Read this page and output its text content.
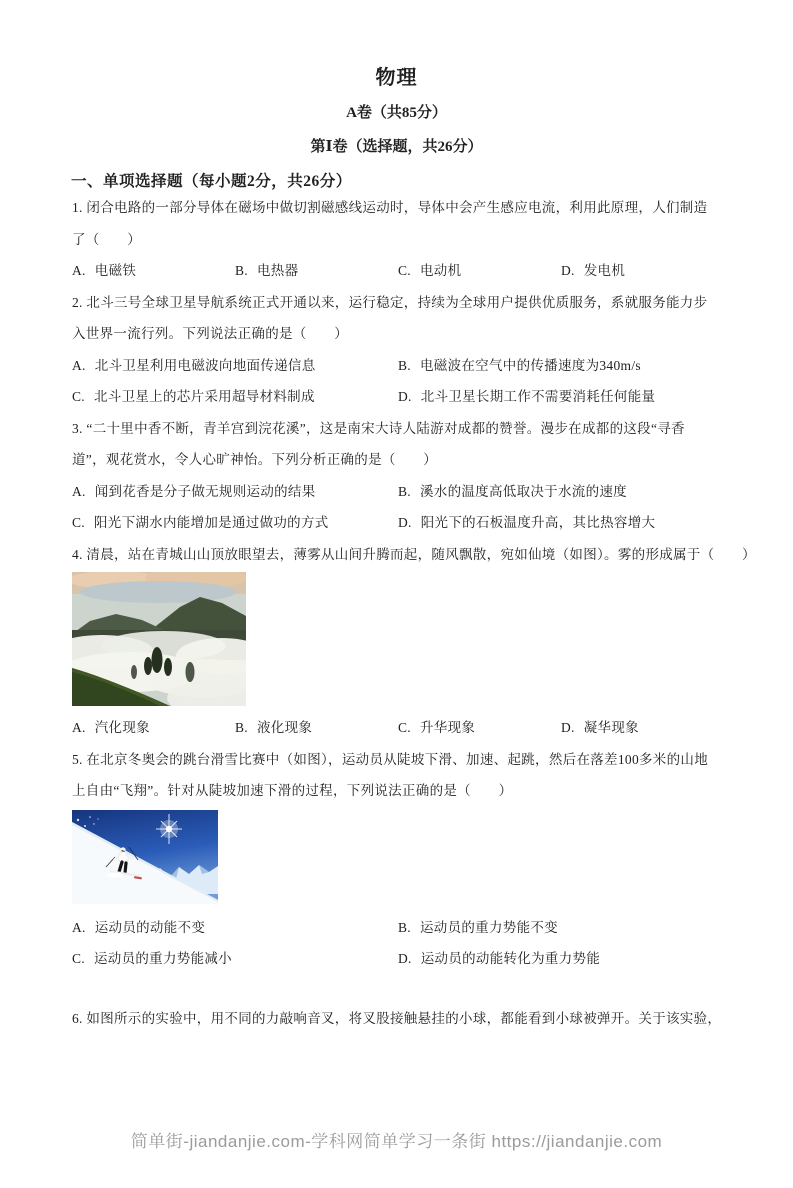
物理
A卷（共85分）
第Ⅰ卷（选择题，共26分）
一、单项选择题（每小题2分，共26分）
1. 闭合电路的一部分导体在磁场中做切割磁感线运动时，导体中会产生感应电流，利用此原理，人们制造
了（　　）
A. 电磁铁	B. 电热器	C. 电动机	D. 发电机
2. 北斗三号全球卫星导航系统正式开通以来，运行稳定，持续为全球用户提供优质服务，系就服务能力步
入世界一流行列。下列说法正确的是（　　）
A. 北斗卫星利用电磁波向地面传递信息	B. 电磁波在空气中的传播速度为340m/s
C. 北斗卫星上的芯片采用超导材料制成	D. 北斗卫星长期工作不需要消耗任何能量
3. “二十里中香不断，青羊宫到浣花溪”，这是南宋大诗人陆游对成都的赞誉。漫步在成都的这段“寻香
道”，观花赏水，令人心旷神怡。下列分析正确的是（　　）
A. 闻到花香是分子做无规则运动的结果	B. 溪水的温度高低取决于水流的速度
C. 阳光下湖水内能增加是通过做功的方式	D. 阳光下的石板温度升高，其比热容增大
4. 清晨，站在青城山山顶放眼望去，薄雾从山间升腾而起，随风飘散，宛如仙境（如图）。雾的形成属于（　　）
A. 汽化现象	B. 液化现象	C. 升华现象	D. 凝华现象
5. 在北京冬奥会的跳台滑雪比赛中（如图），运动员从陡坡下滑、加速、起跳，然后在落差100多米的山地
上自由“飞翔”。针对从陡坡加速下滑的过程，下列说法正确的是（　　）
A. 运动员的动能不变	B. 运动员的重力势能不变
C. 运动员的重力势能减小	D. 运动员的动能转化为重力势能
6. 如图所示的实验中，用不同的力敲响音叉，将叉股接触悬挂的小球，都能看到小球被弹开。关于该实验，
简单街-jiandanjie.com-学科网简单学习一条街 https://jiandanjie.com
